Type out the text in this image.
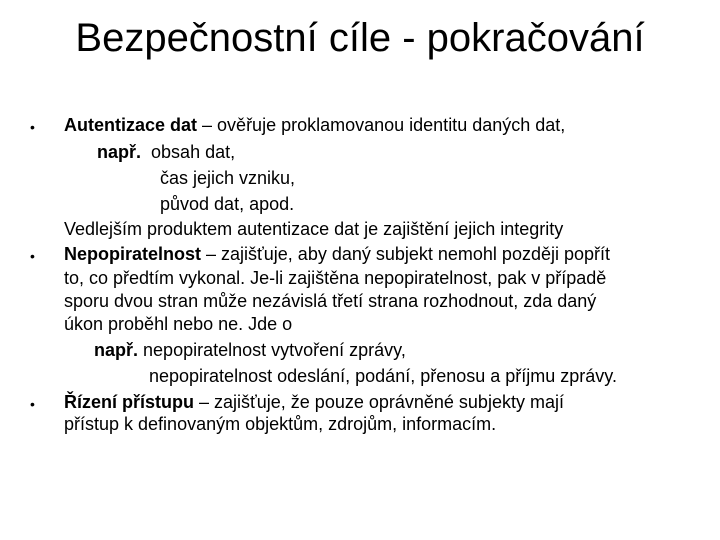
Bezpečnostní cíle - pokračování
• Autentizace dat – ověřuje proklamovanou identitu daných dat,
např. obsah dat,
čas jejich vzniku,
původ dat, apod.
Vedlejším produktem autentizace dat je zajištění jejich integrity
• Nepopiratelnost – zajišťuje, aby daný subjekt nemohl později popřít
to, co předtím vykonal. Je-li zajištěna nepopiratelnost, pak v případě
sporu dvou stran může nezávislá třetí strana rozhodnout, zda daný
úkon proběhl nebo ne. Jde o
např. nepopiratelnost vytvoření zprávy,
nepopiratelnost odeslání, podání, přenosu a příjmu zprávy.
• Řízení přístupu – zajišťuje, že pouze oprávněné subjekty mají
přístup k definovaným objektům, zdrojům, informacím.
